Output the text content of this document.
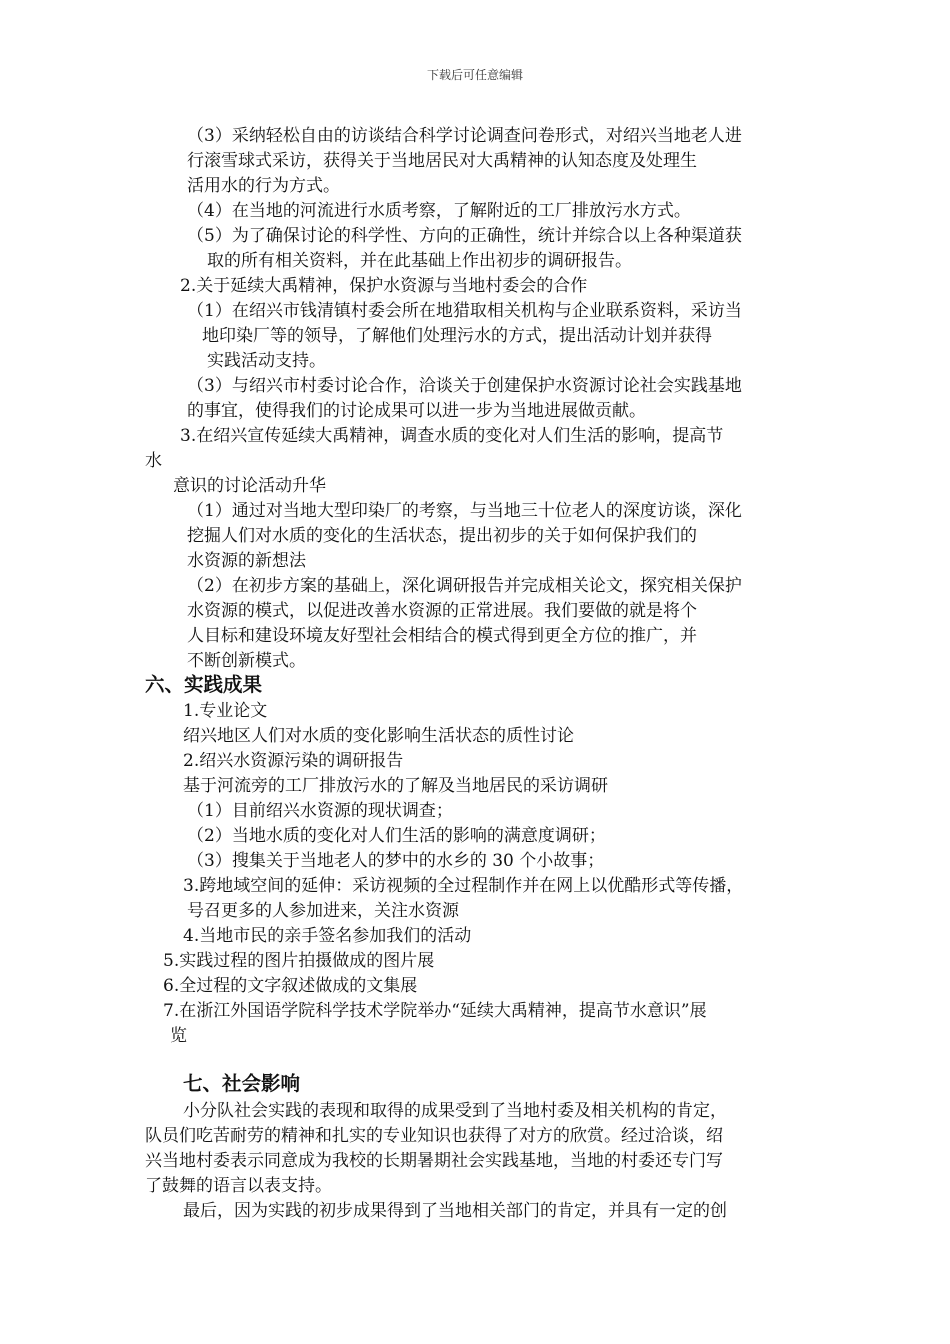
下载后可任意编辑
（3）采纳轻松自由的访谈结合科学讨论调查问卷形式，对绍兴当地老人进
行滚雪球式采访，获得关于当地居民对大禹精神的认知态度及处理生
活用水的行为方式。
（4）在当地的河流进行水质考察，了解附近的工厂排放污水方式。
（5）为了确保讨论的科学性、方向的正确性，统计并综合以上各种渠道获
取的所有相关资料，并在此基础上作出初步的调研报告。
2.关于延续大禹精神，保护水资源与当地村委会的合作
（1）在绍兴市钱清镇村委会所在地猎取相关机构与企业联系资料，采访当
地印染厂等的领导，了解他们处理污水的方式，提出活动计划并获得
实践活动支持。
（3）与绍兴市村委讨论合作，洽谈关于创建保护水资源讨论社会实践基地
的事宜，使得我们的讨论成果可以进一步为当地进展做贡献。
3.在绍兴宣传延续大禹精神，调查水质的变化对人们生活的影响，提高节
水
意识的讨论活动升华
（1）通过对当地大型印染厂的考察，与当地三十位老人的深度访谈，深化
挖掘人们对水质的变化的生活状态，提出初步的关于如何保护我们的
水资源的新想法
（2）在初步方案的基础上，深化调研报告并完成相关论文，探究相关保护
水资源的模式，以促进改善水资源的正常进展。我们要做的就是将个
人目标和建设环境友好型社会相结合的模式得到更全方位的推广，并
不断创新模式。
六、实践成果
1.专业论文
绍兴地区人们对水质的变化影响生活状态的质性讨论
2.绍兴水资源污染的调研报告
基于河流旁的工厂排放污水的了解及当地居民的采访调研
（1）目前绍兴水资源的现状调查；
（2）当地水质的变化对人们生活的影响的满意度调研；
（3）搜集关于当地老人的梦中的水乡的 30 个小故事；
3.跨地域空间的延伸：采访视频的全过程制作并在网上以优酷形式等传播，
号召更多的人参加进来，关注水资源
4.当地市民的亲手签名参加我们的活动
5.实践过程的图片拍摄做成的图片展
6.全过程的文字叙述做成的文集展
7.在浙江外国语学院科学技术学院举办“延续大禹精神，提高节水意识”展
览
七、社会影响
小分队社会实践的表现和取得的成果受到了当地村委及相关机构的肯定，
队员们吃苦耐劳的精神和扎实的专业知识也获得了对方的欣赏。经过洽谈，绍
兴当地村委表示同意成为我校的长期暑期社会实践基地，当地的村委还专门写
了鼓舞的语言以表支持。
最后，因为实践的初步成果得到了当地相关部门的肯定，并具有一定的创
